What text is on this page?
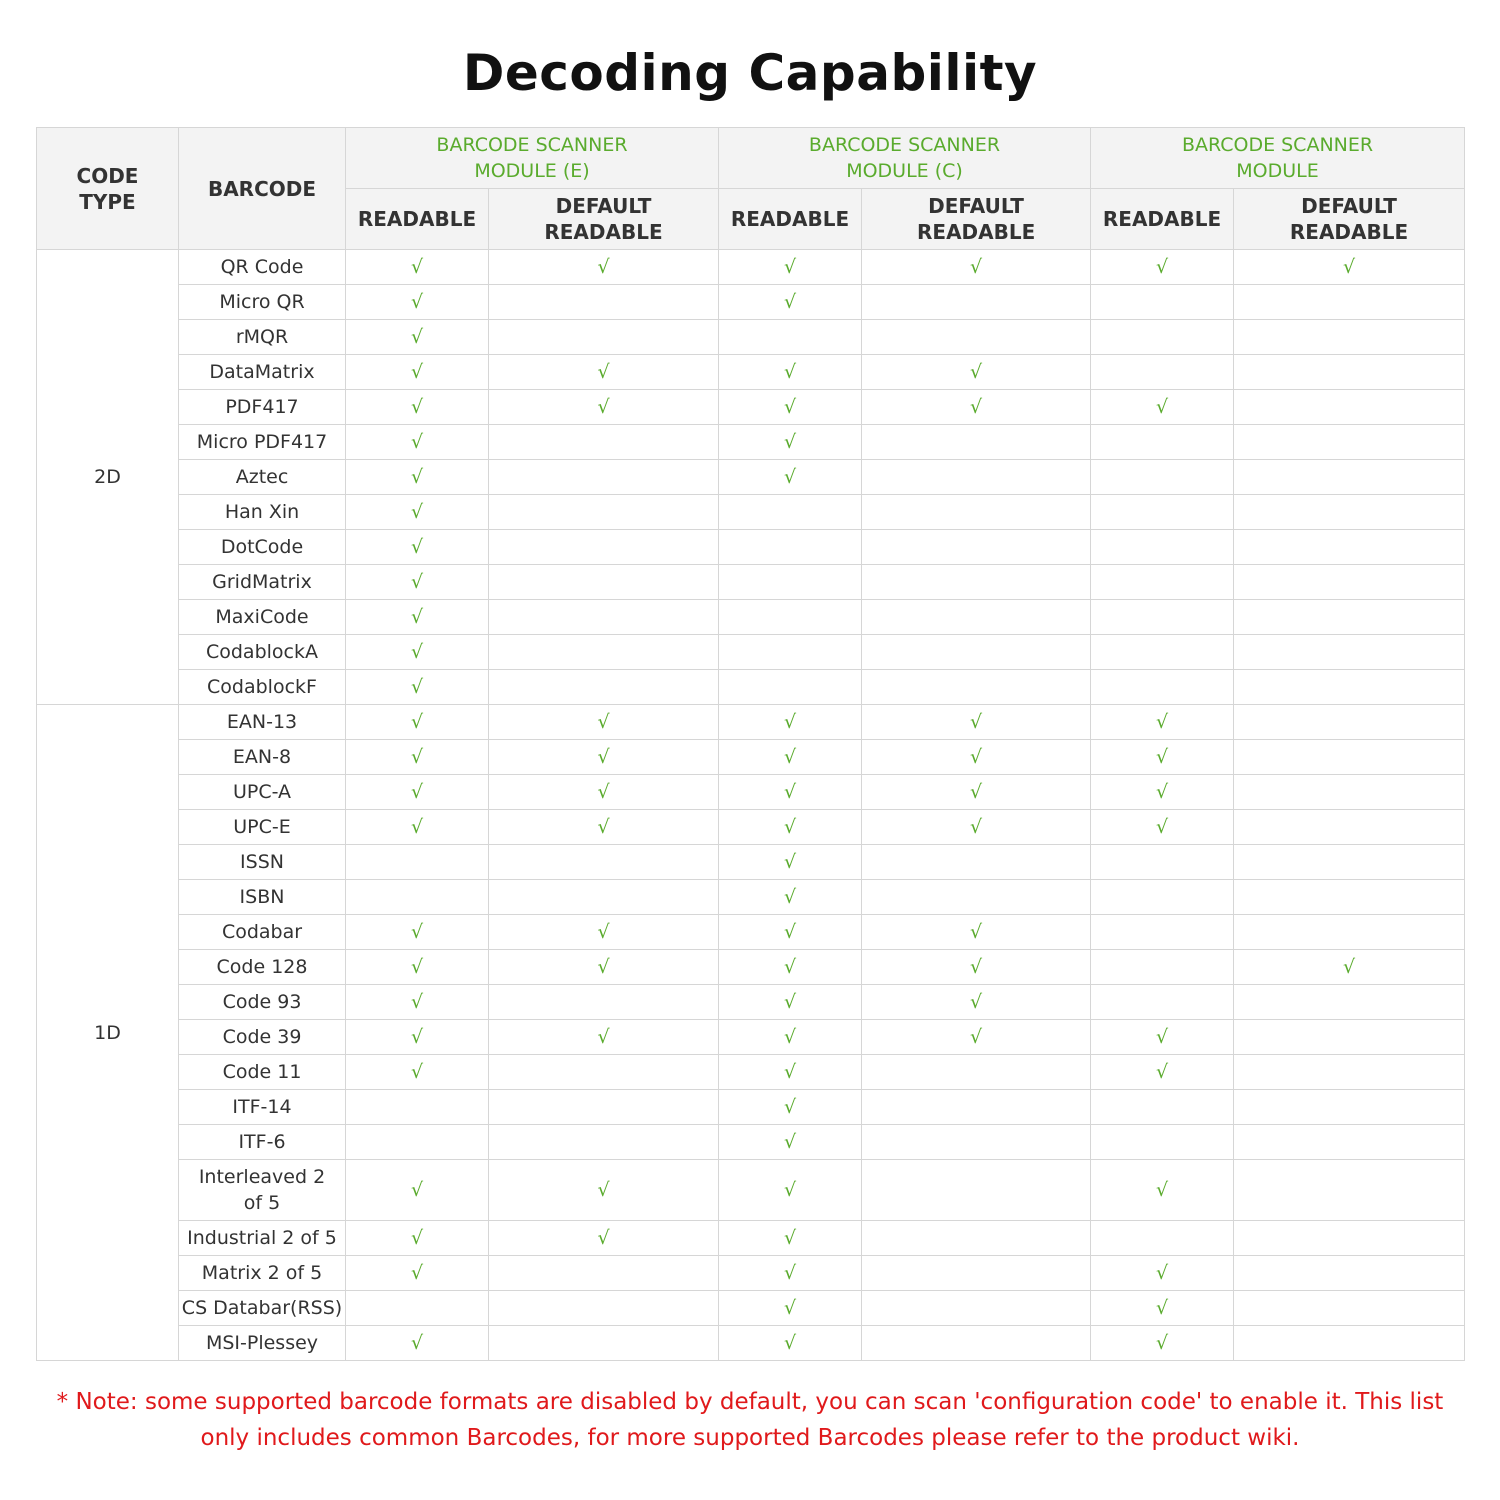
Decoding Capability
CODE TYPE	BARCODE	BARCODE SCANNER MODULE (E)		BARCODE SCANNER MODULE (C)		BARCODE SCANNER MODULE	
		READABLE	DEFAULT READABLE	READABLE	DEFAULT READABLE	READABLE	DEFAULT READABLE
2D	QR Code	√	√	√	√	√	√
	Micro QR	√		√			
	rMQR	√					
	DataMatrix	√	√	√	√		
	PDF417	√	√	√	√	√	
	Micro PDF417	√		√			
	Aztec	√		√			
	Han Xin	√					
	DotCode	√					
	GridMatrix	√					
	MaxiCode	√					
	CodablockA	√					
	CodablockF	√					
1D	EAN-13	√	√	√	√	√	
	EAN-8	√	√	√	√	√	
	UPC-A	√	√	√	√	√	
	UPC-E	√	√	√	√	√	
	ISSN			√			
	ISBN			√			
	Codabar	√	√	√	√		
	Code 128	√	√	√	√		√
	Code 93	√		√	√		
	Code 39	√	√	√	√	√	
	Code 11	√		√		√	
	ITF-14			√			
	ITF-6			√			
	Interleaved 2 of 5	√	√	√		√	
	Industrial 2 of 5	√	√	√			
	Matrix 2 of 5	√		√		√	
	CS Databar(RSS)			√		√	
	MSI-Plessey	√		√		√	
* Note: some supported barcode formats are disabled by default, you can scan 'configuration code' to enable it. This list only includes common Barcodes, for more supported Barcodes please refer to the product wiki.
